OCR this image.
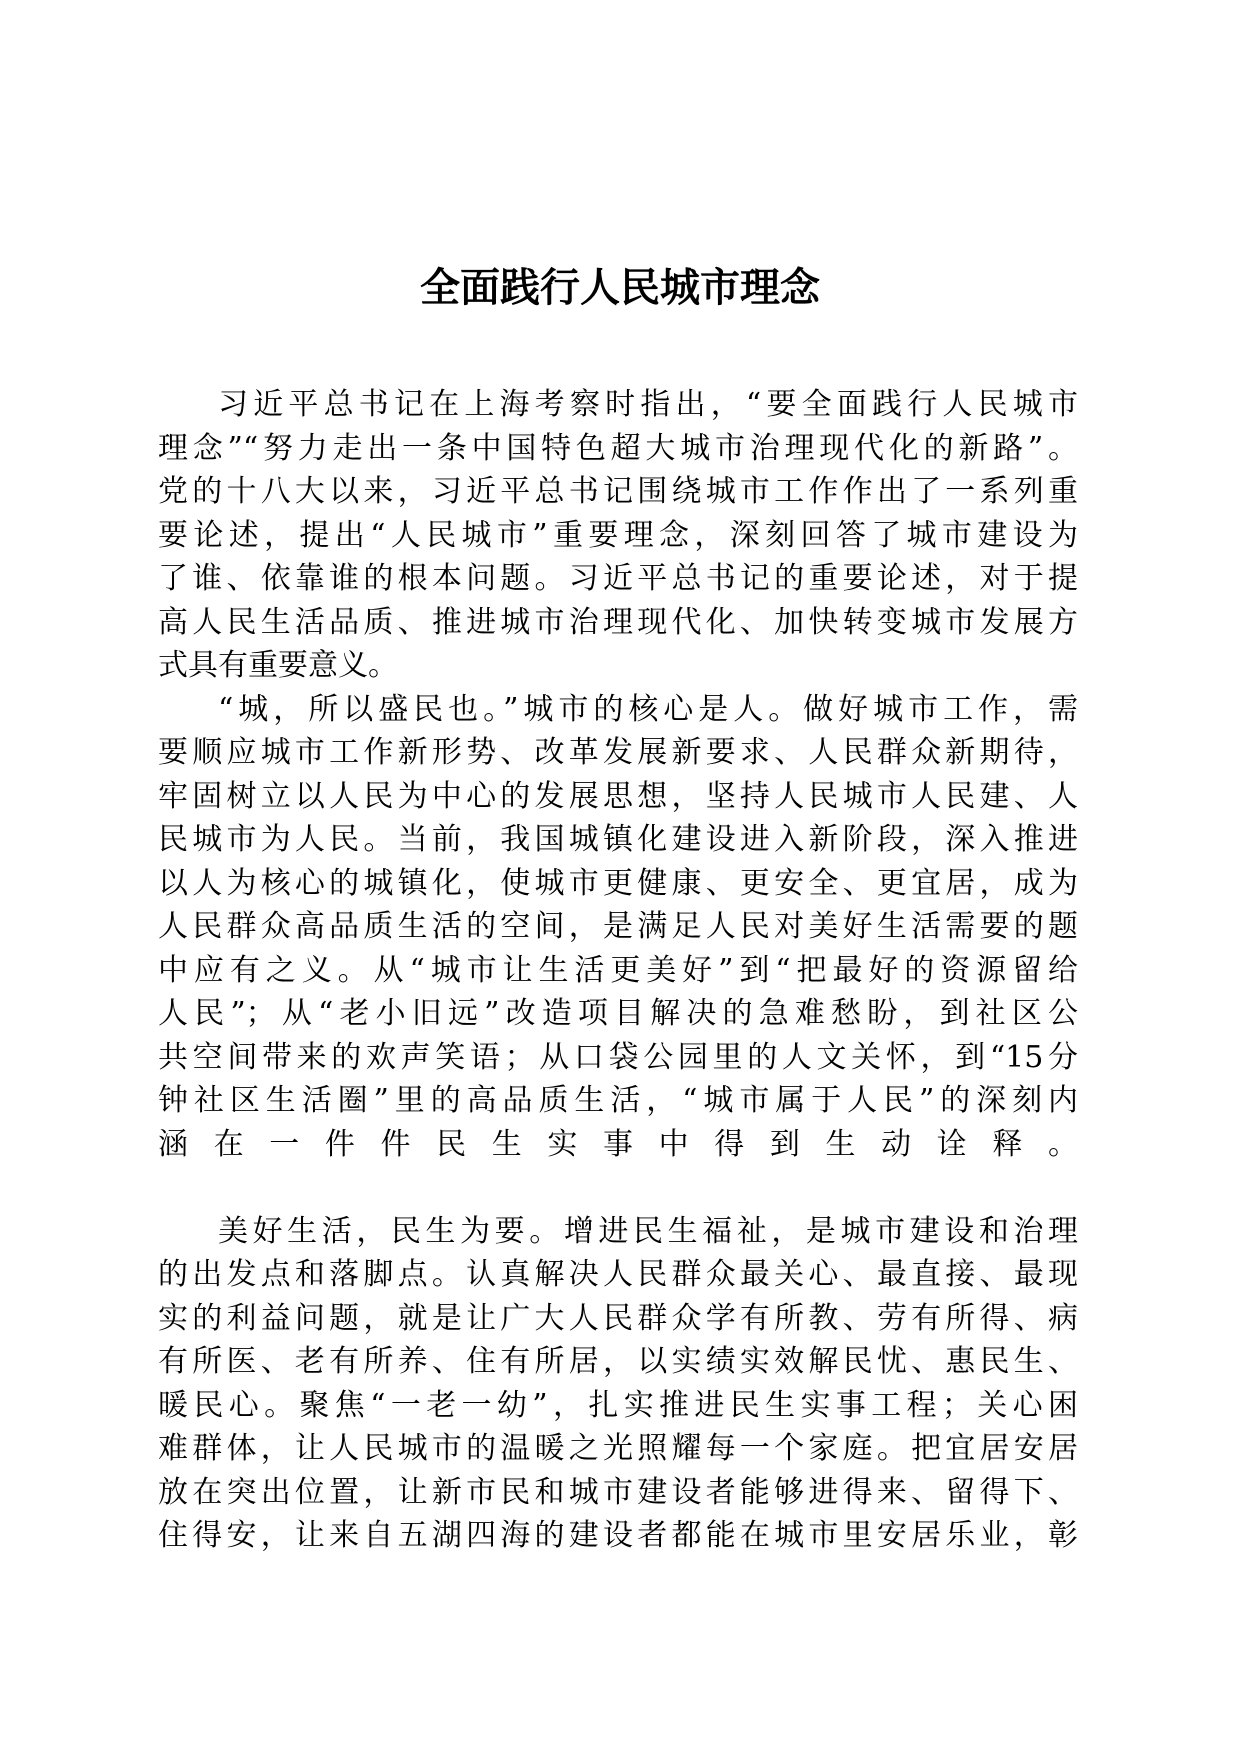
全面践行人民城市理念
习近平总书记在上海考察时指出，“要全面践行人民城市
理念”“努力走出一条中国特色超大城市治理现代化的新路”。
党的十八大以来，习近平总书记围绕城市工作作出了一系列重
要论述，提出“人民城市”重要理念，深刻回答了城市建设为
了谁、依靠谁的根本问题。习近平总书记的重要论述，对于提
高人民生活品质、推进城市治理现代化、加快转变城市发展方
式具有重要意义。
“城，所以盛民也。”城市的核心是人。做好城市工作，需
要顺应城市工作新形势、改革发展新要求、人民群众新期待，
牢固树立以人民为中心的发展思想，坚持人民城市人民建、人
民城市为人民。当前，我国城镇化建设进入新阶段，深入推进
以人为核心的城镇化，使城市更健康、更安全、更宜居，成为
人民群众高品质生活的空间，是满足人民对美好生活需要的题
中应有之义。从“城市让生活更美好”到“把最好的资源留给
人民”；从“老小旧远”改造项目解决的急难愁盼，到社区公
共空间带来的欢声笑语；从口袋公园里的人文关怀，到“15分
钟社区生活圈”里的高品质生活，“城市属于人民”的深刻内
涵在一件件民生实事中得到生动诠释。
美好生活，民生为要。增进民生福祉，是城市建设和治理
的出发点和落脚点。认真解决人民群众最关心、最直接、最现
实的利益问题，就是让广大人民群众学有所教、劳有所得、病
有所医、老有所养、住有所居，以实绩实效解民忧、惠民生、
暖民心。聚焦“一老一幼”，扎实推进民生实事工程；关心困
难群体，让人民城市的温暖之光照耀每一个家庭。把宜居安居
放在突出位置，让新市民和城市建设者能够进得来、留得下、
住得安，让来自五湖四海的建设者都能在城市里安居乐业，彰
